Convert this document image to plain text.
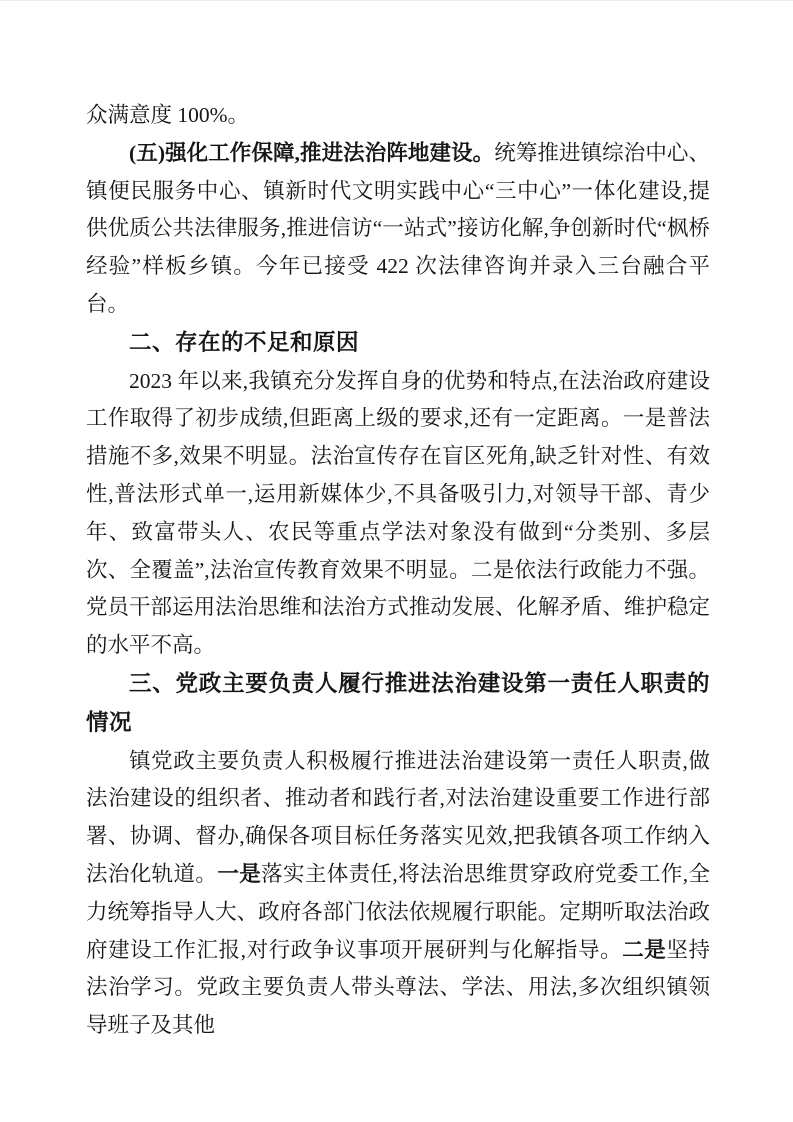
众满意度 100%。

(五)强化工作保障,推进法治阵地建设。统筹推进镇综治中心、镇便民服务中心、镇新时代文明实践中心“三中心”一体化建设,提供优质公共法律服务,推进信访“一站式”接访化解,争创新时代“枫桥经验”样板乡镇。今年已接受 422 次法律咨询并录入三台融合平台。

二、存在的不足和原因

2023 年以来,我镇充分发挥自身的优势和特点,在法治政府建设工作取得了初步成绩,但距离上级的要求,还有一定距离。一是普法措施不多,效果不明显。法治宣传存在盲区死角,缺乏针对性、有效性,普法形式单一,运用新媒体少,不具备吸引力,对领导干部、青少年、致富带头人、农民等重点学法对象没有做到“分类别、多层次、全覆盖”,法治宣传教育效果不明显。二是依法行政能力不强。党员干部运用法治思维和法治方式推动发展、化解矛盾、维护稳定的水平不高。

三、党政主要负责人履行推进法治建设第一责任人职责的情况

镇党政主要负责人积极履行推进法治建设第一责任人职责,做法治建设的组织者、推动者和践行者,对法治建设重要工作进行部署、协调、督办,确保各项目标任务落实见效,把我镇各项工作纳入法治化轨道。一是落实主体责任,将法治思维贯穿政府党委工作,全力统筹指导人大、政府各部门依法依规履行职能。定期听取法治政府建设工作汇报,对行政争议事项开展研判与化解指导。二是坚持法治学习。党政主要负责人带头尊法、学法、用法,多次组织镇领导班子及其他
